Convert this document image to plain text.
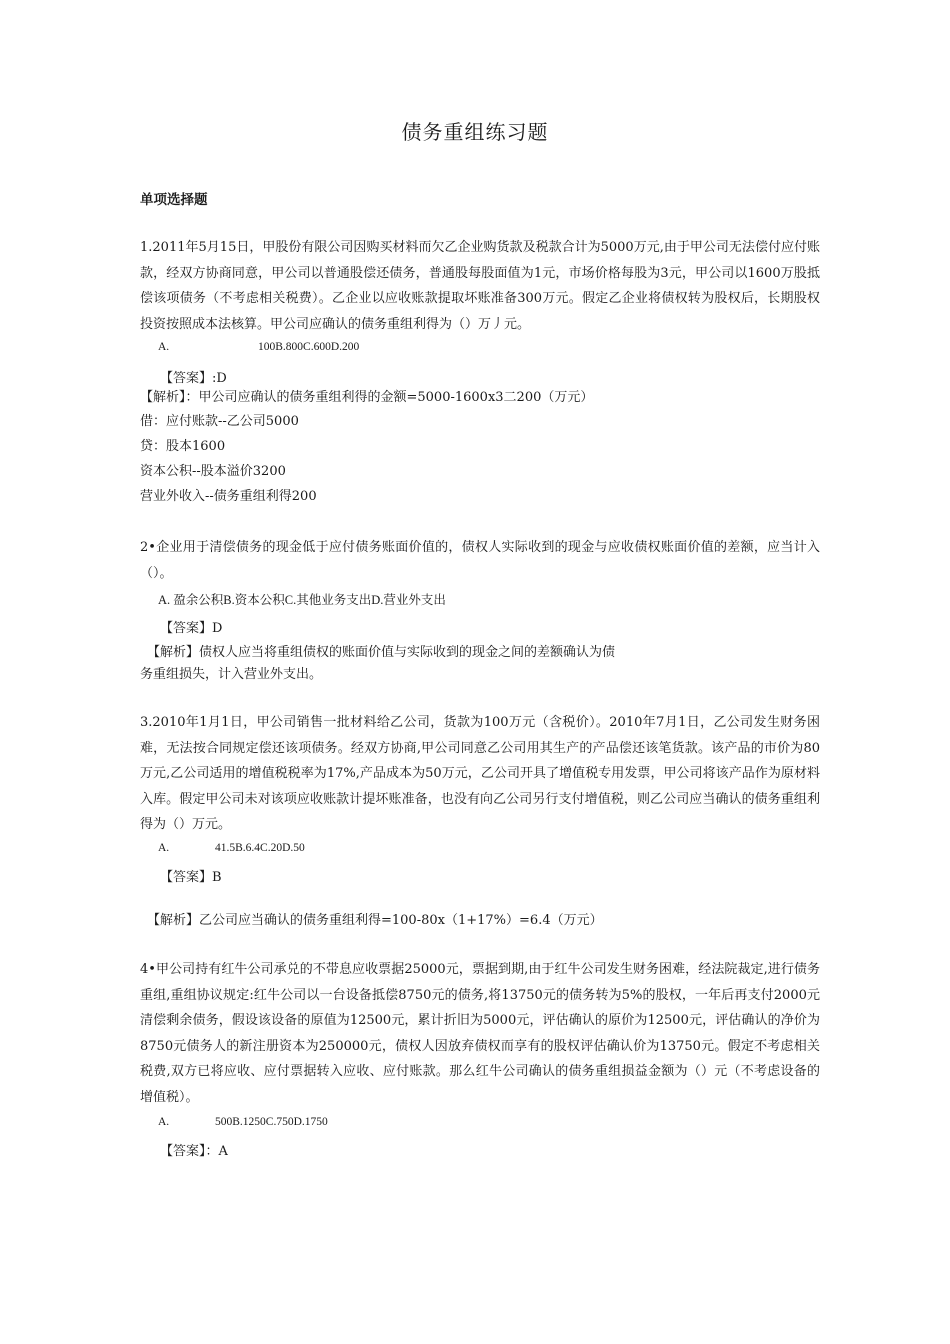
债务重组练习题
单项选择题
1.2011年5月15日，甲股份有限公司因购买材料而欠乙企业购货款及税款合计为5000万元,由于甲公司无法偿付应付账款，经双方协商同意，甲公司以普通股偿还债务，普通股每股面值为1元，市场价格每股为3元，甲公司以1600万股抵偿该项债务（不考虑相关税费）。乙企业以应收账款提取坏账准备300万元。假定乙企业将债权转为股权后，长期股权投资按照成本法核算。甲公司应确认的债务重组利得为（）万丿元。
A.	100B.800C.600D.200
【答案】:D
【解析】：甲公司应确认的债务重组利得的金额=5000-1600x3二200（万元）
借：应付账款--乙公司5000
贷：股本1600
资本公积--股本溢价3200
营业外收入--债务重组利得200
2•企业用于清偿债务的现金低于应付债务账面价值的，债权人实际收到的现金与应收债权账面价值的差额，应当计入（）。
A. 盈余公积B.资本公积C.其他业务支出D.营业外支出
【答案】D
【解析】债权人应当将重组债权的账面价值与实际收到的现金之间的差额确认为债
务重组损失，计入营业外支出。
3.2010年1月1日，甲公司销售一批材料给乙公司，货款为100万元（含税价）。2010年7月1日，乙公司发生财务困难，无法按合同规定偿还该项债务。经双方协商,甲公司同意乙公司用其生产的产品偿还该笔货款。该产品的市价为80万元,乙公司适用的增值税税率为17%,产品成本为50万元，乙公司开具了增值税专用发票，甲公司将该产品作为原材料入库。假定甲公司未对该项应收账款计提坏账准备，也没有向乙公司另行支付增值税，则乙公司应当确认的债务重组利得为（）万元。
A.	41.5B.6.4C.20D.50
【答案】B
【解析】乙公司应当确认的债务重组利得=100-80x（1+17%）=6.4（万元）
4•甲公司持有红牛公司承兑的不带息应收票据25000元，票据到期,由于红牛公司发生财务困难，经法院裁定,进行债务重组,重组协议规定:红牛公司以一台设备抵偿8750元的债务,将13750元的债务转为5%的股权，一年后再支付2000元清偿剩余债务，假设该设备的原值为12500元，累计折旧为5000元，评估确认的原价为12500元，评估确认的净价为8750元债务人的新注册资本为250000元，债权人因放弃债权而享有的股权评估确认价为13750元。假定不考虑相关税费,双方已将应收、应付票据转入应收、应付账款。那么红牛公司确认的债务重组损益金额为（）元（不考虑设备的增值税）。
A.	500B.1250C.750D.1750
【答案】：A
